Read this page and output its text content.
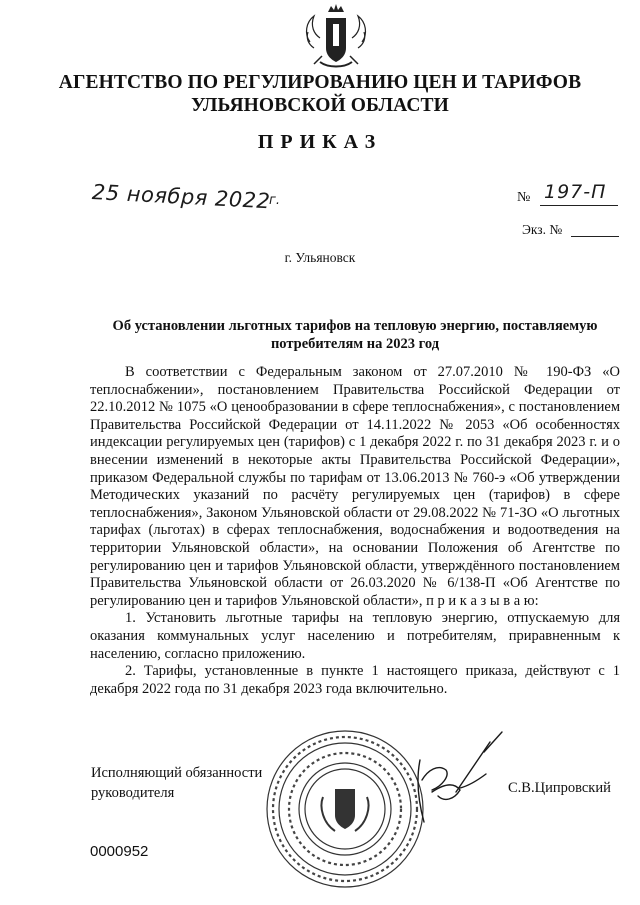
АГЕНТСТВО ПО РЕГУЛИРОВАНИЮ ЦЕН И ТАРИФОВ
УЛЬЯНОВСКОЙ ОБЛАСТИ
ПРИКАЗ
25 ноября 2022
г.	№ 197-П
Экз. №
г. Ульяновск
Об установлении льготных тарифов на тепловую энергию, поставляемую потребителям на 2023 год

В соответствии с Федеральным законом от 27.07.2010 № 190-ФЗ «О теплоснабжении», постановлением Правительства Российской Федерации от 22.10.2012 № 1075 «О ценообразовании в сфере теплоснабжения», с постановлением Правительства Российской Федерации от 14.11.2022 № 2053 «Об особенностях индексации регулируемых цен (тарифов) с 1 декабря 2022 г. по 31 декабря 2023 г. и о внесении изменений в некоторые акты Правительства Российской Федерации», приказом Федеральной службы по тарифам от 13.06.2013 № 760-э «Об утверждении Методических указаний по расчёту регулируемых цен (тарифов) в сфере теплоснабжения», Законом Ульяновской области от 29.08.2022 № 71-ЗО «О льготных тарифах (льготах) в сферах теплоснабжения, водоснабжения и водоотведения на территории Ульяновской области», на основании Положения об Агентстве по регулированию цен и тарифов Ульяновской области, утверждённого постановлением Правительства Ульяновской области от 26.03.2020 № 6/138-П «Об Агентстве по регулированию цен и тарифов Ульяновской области», п р и к а з ы в а ю:

1. Установить льготные тарифы на тепловую энергию, отпускаемую для оказания коммунальных услуг населению и потребителям, приравненным к населению, согласно приложению.

2. Тарифы, установленные в пункте 1 настоящего приказа, действуют с 1 декабря 2022 года по 31 декабря 2023 года включительно.

Исполняющий обязанности
руководителя	С.В.Ципровский
0000952
